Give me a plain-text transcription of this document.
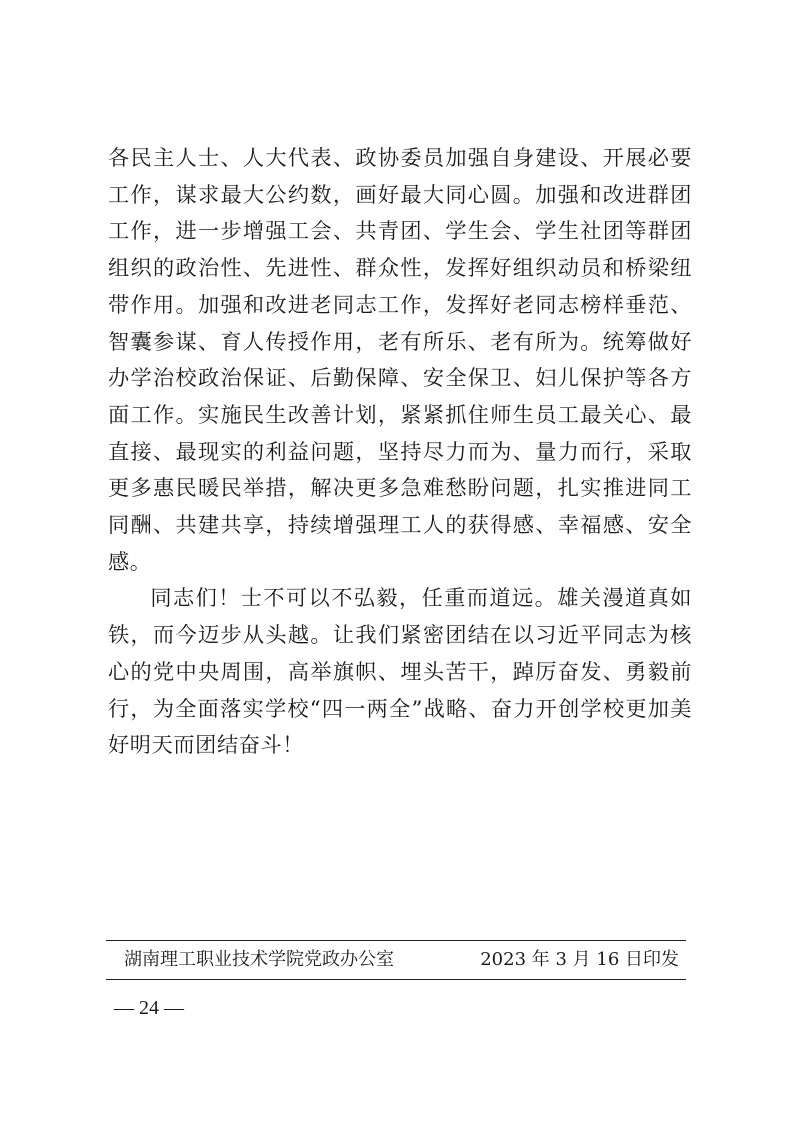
各民主人士、人大代表、政协委员加强自身建设、开展必要工作，谋求最大公约数，画好最大同心圆。加强和改进群团工作，进一步增强工会、共青团、学生会、学生社团等群团组织的政治性、先进性、群众性，发挥好组织动员和桥梁纽带作用。加强和改进老同志工作，发挥好老同志榜样垂范、智囊参谋、育人传授作用，老有所乐、老有所为。统筹做好办学治校政治保证、后勤保障、安全保卫、妇儿保护等各方面工作。实施民生改善计划，紧紧抓住师生员工最关心、最直接、最现实的利益问题，坚持尽力而为、量力而行，采取更多惠民暖民举措，解决更多急难愁盼问题，扎实推进同工同酬、共建共享，持续增强理工人的获得感、幸福感、安全感。

同志们！士不可以不弘毅，任重而道远。雄关漫道真如铁，而今迈步从头越。让我们紧密团结在以习近平同志为核心的党中央周围，高举旗帜、埋头苦干，踔厉奋发、勇毅前行，为全面落实学校“四一两全”战略、奋力开创学校更加美好明天而团结奋斗！

湖南理工职业技术学院党政办公室	2023 年 3 月 16 日印发
— 24 —
